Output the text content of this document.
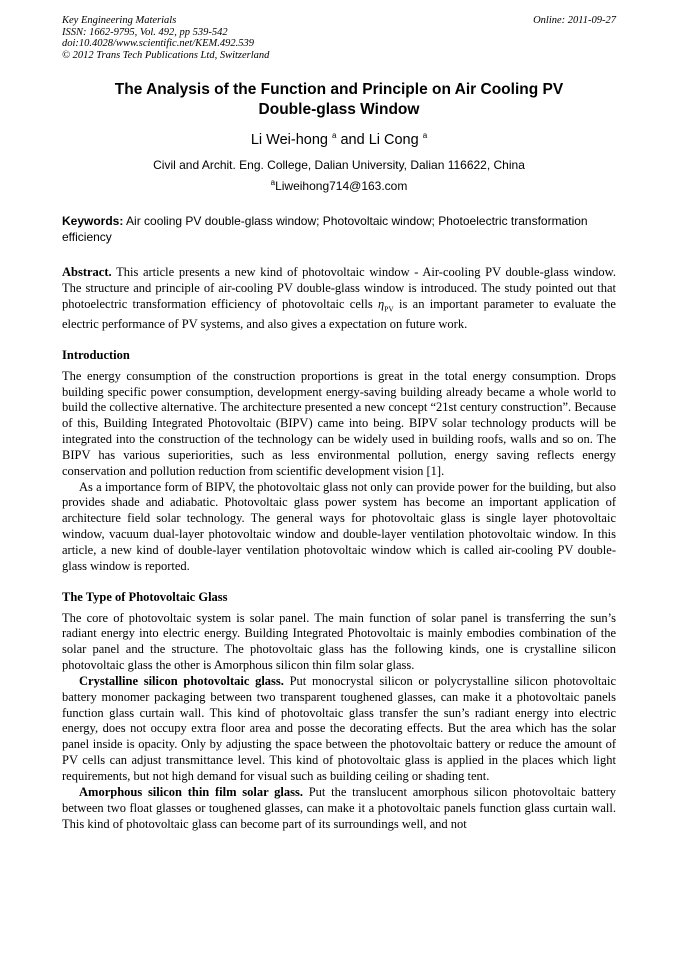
Key Engineering Materials
ISSN: 1662-9795, Vol. 492, pp 539-542
doi:10.4028/www.scientific.net/KEM.492.539
© 2012 Trans Tech Publications Ltd, Switzerland
Online: 2011-09-27
The Analysis of the Function and Principle on Air Cooling PV
Double-glass Window
Li Wei-hong $^a$ and Li Cong $^a$
Civil and Archit. Eng. College, Dalian University, Dalian 116622, China
$^a$Liweihong714@163.com
Keywords: Air cooling PV double-glass window; Photovoltaic window; Photoelectric transformation efficiency

Abstract. This article presents a new kind of photovoltaic window - Air-cooling PV double-glass window. The structure and principle of air-cooling PV double-glass window is introduced. The study pointed out that photoelectric transformation efficiency of photovoltaic cells $\eta_{PV}$ is an important parameter to evaluate the electric performance of PV systems, and also gives a expectation on future work.

Introduction

The energy consumption of the construction proportions is great in the total energy consumption. Drops building specific power consumption, development energy-saving building already became a whole world to build the collective alternative. The architecture presented a new concept “21st century construction”. Because of this, Building Integrated Photovoltaic (BIPV) came into being. BIPV solar technology products will be integrated into the construction of the technology can be widely used in building roofs, walls and so on. The BIPV has various superiorities, such as less environmental pollution, energy saving reflects energy conservation and pollution reduction from scientific development vision [1].

As a importance form of BIPV, the photovoltaic glass not only can provide power for the building, but also provides shade and adiabatic. Photovoltaic glass power system has become an important application of architecture field solar technology. The general ways for photovoltaic glass is single layer photovoltaic window, vacuum dual-layer photovoltaic window and double-layer ventilation photovoltaic window. In this article, a new kind of double-layer ventilation photovoltaic window which is called air-cooling PV double-glass window is reported.

The Type of Photovoltaic Glass

The core of photovoltaic system is solar panel. The main function of solar panel is transferring the sun’s radiant energy into electric energy. Building Integrated Photovoltaic is mainly embodies combination of the solar panel and the structure. The photovoltaic glass has the following kinds, one is crystalline silicon photovoltaic glass the other is Amorphous silicon thin film solar glass.

Crystalline silicon photovoltaic glass. Put monocrystal silicon or polycrystalline silicon photovoltaic battery monomer packaging between two transparent toughened glasses, can make it a photovoltaic panels function glass curtain wall. This kind of photovoltaic glass transfer the sun’s radiant energy into electric energy, does not occupy extra floor area and posse the decorating effects. But the area which has the solar panel inside is opacity. Only by adjusting the space between the photovoltaic battery or reduce the amount of PV cells can adjust transmittance level. This kind of photovoltaic glass is applied in the places which light requirements, but not high demand for visual such as building ceiling or shading tent.

Amorphous silicon thin film solar glass. Put the translucent amorphous silicon photovoltaic battery between two float glasses or toughened glasses, can make it a photovoltaic panels function glass curtain wall. This kind of photovoltaic glass can become part of its surroundings well, and not
